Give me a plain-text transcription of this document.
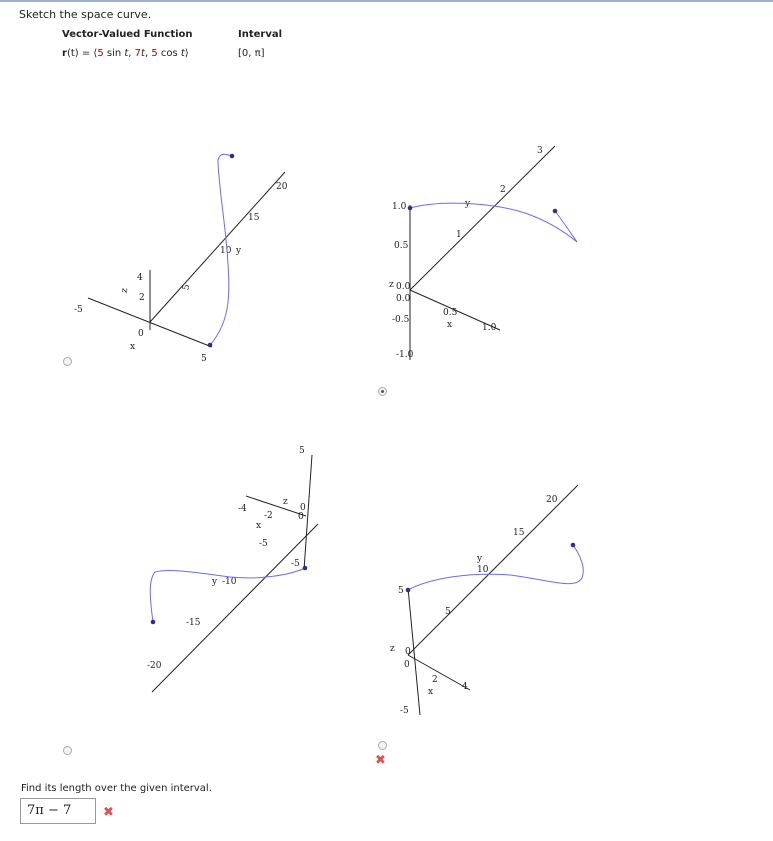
Sketch the space curve.
Vector-Valued Function	Interval
r(t) = ⟨5 sin t, 7t, 5 cos t⟩	[0, π]
z
4
2
0
x
-5
5
y
5
10
15
20
1.0
0.5
z 0.0
0.0
-0.5
-1.0
0.5
x	1.0
y
1
2
3
5
z
0
-5
-4
-2
0
x
-5
y -10
-15
-20
5
z 0
-5
0
2
x	4
5
y
10
15
20
✖
Find its length over the given interval.
7π − 7	✖
